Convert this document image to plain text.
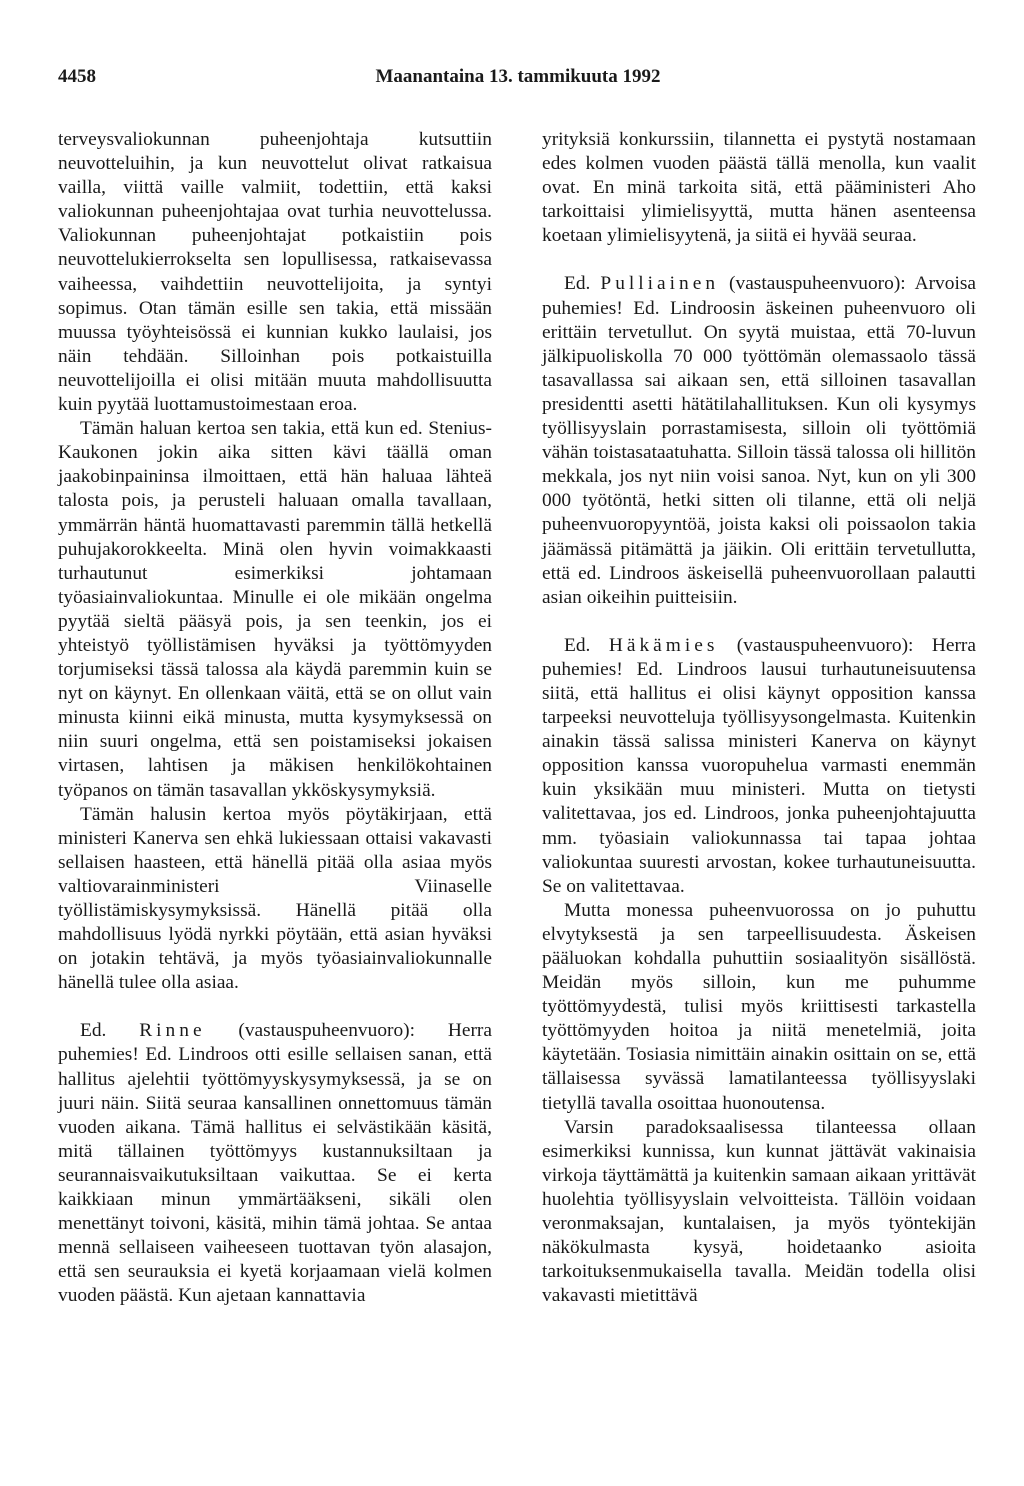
4458	Maanantaina 13. tammikuuta 1992

terveysvaliokunnan puheenjohtaja kutsuttiin neuvotteluihin, ja kun neuvottelut olivat ratkaisua vailla, viittä vaille valmiit, todettiin, että kaksi valiokunnan puheenjohtajaa ovat turhia neuvottelussa. Valiokunnan puheenjohtajat potkaistiin pois neuvottelukierrokselta sen lopullisessa, ratkaisevassa vaiheessa, vaihdettiin neuvottelijoita, ja syntyi sopimus. Otan tämän esille sen takia, että missään muussa työyhteisössä ei kunnian kukko laulaisi, jos näin tehdään. Silloinhan pois potkaistuilla neuvottelijoilla ei olisi mitään muuta mahdollisuutta kuin pyytää luottamustoimestaan eroa.

Tämän haluan kertoa sen takia, että kun ed. Stenius-Kaukonen jokin aika sitten kävi täällä oman jaakobinpaininsa ilmoittaen, että hän haluaa lähteä talosta pois, ja perusteli haluaan omalla tavallaan, ymmärrän häntä huomattavasti paremmin tällä hetkellä puhujakorokkeelta. Minä olen hyvin voimakkaasti turhautunut esimerkiksi johtamaan työasiainvaliokuntaa. Minulle ei ole mikään ongelma pyytää sieltä pääsyä pois, ja sen teenkin, jos ei yhteistyö työllistämisen hyväksi ja työttömyyden torjumiseksi tässä talossa ala käydä paremmin kuin se nyt on käynyt. En ollenkaan väitä, että se on ollut vain minusta kiinni eikä minusta, mutta kysymyksessä on niin suuri ongelma, että sen poistamiseksi jokaisen virtasen, lahtisen ja mäkisen henkilökohtainen työpanos on tämän tasavallan ykköskysymyksiä.

Tämän halusin kertoa myös pöytäkirjaan, että ministeri Kanerva sen ehkä lukiessaan ottaisi vakavasti sellaisen haasteen, että hänellä pitää olla asiaa myös valtiovarainministeri Viinaselle työllistämiskysymyksissä. Hänellä pitää olla mahdollisuus lyödä nyrkki pöytään, että asian hyväksi on jotakin tehtävä, ja myös työasiainvaliokunnalle hänellä tulee olla asiaa.

Ed. Rinne (vastauspuheenvuoro): Herra puhemies! Ed. Lindroos otti esille sellaisen sanan, että hallitus ajelehtii työttömyyskysymyksessä, ja se on juuri näin. Siitä seuraa kansallinen onnettomuus tämän vuoden aikana. Tämä hallitus ei selvästikään käsitä, mitä tällainen työttömyys kustannuksiltaan ja seurannaisvaikutuksiltaan vaikuttaa. Se ei kerta kaikkiaan minun ymmärtääkseni, sikäli olen menettänyt toivoni, käsitä, mihin tämä johtaa. Se antaa mennä sellaiseen vaiheeseen tuottavan työn alasajon, että sen seurauksia ei kyetä korjaamaan vielä kolmen vuoden päästä. Kun ajetaan kannattavia

yrityksiä konkurssiin, tilannetta ei pystytä nostamaan edes kolmen vuoden päästä tällä menolla, kun vaalit ovat. En minä tarkoita sitä, että pääministeri Aho tarkoittaisi ylimielisyyttä, mutta hänen asenteensa koetaan ylimielisyytenä, ja siitä ei hyvää seuraa.

Ed. Pulliainen (vastauspuheenvuoro): Arvoisa puhemies! Ed. Lindroosin äskeinen puheenvuoro oli erittäin tervetullut. On syytä muistaa, että 70-luvun jälkipuoliskolla 70 000 työttömän olemassaolo tässä tasavallassa sai aikaan sen, että silloinen tasavallan presidentti asetti hätätilahallituksen. Kun oli kysymys työllisyyslain porrastamisesta, silloin oli työttömiä vähän toistasataatuhatta. Silloin tässä talossa oli hillitön mekkala, jos nyt niin voisi sanoa. Nyt, kun on yli 300 000 työtöntä, hetki sitten oli tilanne, että oli neljä puheenvuoropyyntöä, joista kaksi oli poissaolon takia jäämässä pitämättä ja jäikin. Oli erittäin tervetullutta, että ed. Lindroos äskeisellä puheenvuorollaan palautti asian oikeihin puitteisiin.

Ed. Häkämies (vastauspuheenvuoro): Herra puhemies! Ed. Lindroos lausui turhautuneisuutensa siitä, että hallitus ei olisi käynyt opposition kanssa tarpeeksi neuvotteluja työllisyysongelmasta. Kuitenkin ainakin tässä salissa ministeri Kanerva on käynyt opposition kanssa vuoropuhelua varmasti enemmän kuin yksikään muu ministeri. Mutta on tietysti valitettavaa, jos ed. Lindroos, jonka puheenjohtajuutta mm. työasiain valiokunnassa tai tapaa johtaa valiokuntaa suuresti arvostan, kokee turhautuneisuutta. Se on valitettavaa.

Mutta monessa puheenvuorossa on jo puhuttu elvytyksestä ja sen tarpeellisuudesta. Äskeisen pääluokan kohdalla puhuttiin sosiaalityön sisällöstä. Meidän myös silloin, kun me puhumme työttömyydestä, tulisi myös kriittisesti tarkastella työttömyyden hoitoa ja niitä menetelmiä, joita käytetään. Tosiasia nimittäin ainakin osittain on se, että tällaisessa syvässä lamatilanteessa työllisyyslaki tietyllä tavalla osoittaa huonoutensa.

Varsin paradoksaalisessa tilanteessa ollaan esimerkiksi kunnissa, kun kunnat jättävät vakinaisia virkoja täyttämättä ja kuitenkin samaan aikaan yrittävät huolehtia työllisyyslain velvoitteista. Tällöin voidaan veronmaksajan, kuntalaisen, ja myös työntekijän näkökulmasta kysyä, hoidetaanko asioita tarkoituksenmukaisella tavalla. Meidän todella olisi vakavasti mietittävä
